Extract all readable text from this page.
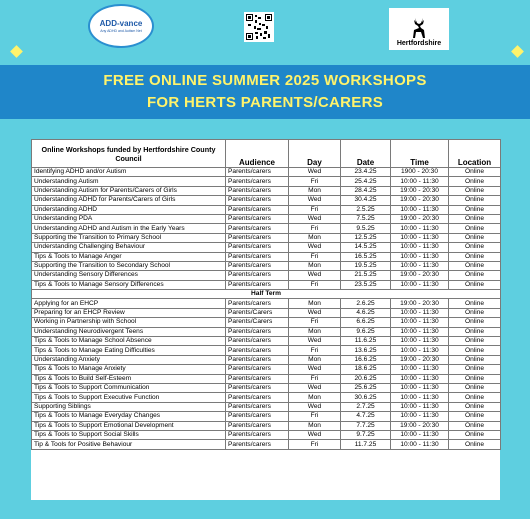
ADD-vance
Any ADHD and Autism Net
Hertfordshire
FREE ONLINE SUMMER 2025 WORKSHOPS
FOR HERTS PARENTS/CARERS
Online Workshops funded by Hertfordshire County Council	Audience	Day	Date	Time	Location
Identifying ADHD and/or Autism	Parents/carers	Wed	23.4.25	1900 - 20:30	Online
Understanding Autism	Parents/carers	Fri	25.4.25	10:00 - 11:30	Online
Understanding Autism for Parents/Carers of Girls	Parents/carers	Mon	28.4.25	19:00 - 20:30	Online
Understanding ADHD for Parents/Carers of Girls	Parents/carers	Wed	30.4.25	19:00 - 20:30	Online
Understanding ADHD	Parents/carers	Fri	2.5.25	10:00 - 11:30	Online
Understanding PDA	Parents/carers	Wed	7.5.25	19:00 - 20:30	Online
Understanding ADHD and Autism in the Early Years	Parents/carers	Fri	9.5.25	10:00 - 11:30	Online
Supporting the Transition to Primary School	Parents/carers	Mon	12.5.25	10:00 - 11:30	Online
Understanding Challenging Behaviour	Parents/carers	Wed	14.5.25	10:00 - 11:30	Online
Tips & Tools to Manage Anger	Parents/carers	Fri	16.5.25	10:00 - 11:30	Online
Supporting the Transition to Secondary School	Parents/carers	Mon	19.5.25	10:00 - 11:30	Online
Understanding Sensory Differences	Parents/carers	Wed	21.5.25	19:00 - 20:30	Online
Tips & Tools to Manage Sensory Differences	Parents/carers	Fri	23.5.25	10:00 - 11:30	Online
Half Term					
Applying for an EHCP	Parents/carers	Mon	2.6.25	19:00 - 20:30	Online
Preparing for an EHCP Review	Parents/Carers	Wed	4.6.25	10:00 - 11:30	Online
Working in Partnership with School	Parents/Carers	Fri	6.6.25	10:00 - 11:30	Online
Understanding Neurodivergent Teens	Parents/carers	Mon	9.6.25	10:00 - 11:30	Online
Tips & Tools to Manage School Absence	Parents/carers	Wed	11.6.25	10:00 - 11:30	Online
Tips & Tools to Manage Eating Difficulties	Parents/carers	Fri	13.6.25	10:00 - 11:30	Online
Understanding Anxiety	Parents/carers	Mon	16.6.25	19:00 - 20:30	Online
Tips & Tools to Manage Anxiety	Parents/carers	Wed	18.6.25	10:00 - 11:30	Online
Tips & Tools to Build Self-Esteem	Parents/carers	Fri	20.6.25	10:00 - 11:30	Online
Tips & Tools to Support Communication	Parents/carers	Wed	25.6.25	10:00 - 11:30	Online
Tips & Tools to Support Executive Function	Parents/carers	Mon	30.6.25	10:00 - 11:30	Online
Supporting Siblings	Parents/carers	Wed	2.7.25	10:00 - 11:30	Online
Tips & Tools to Manage Everyday Changes	Parents/carers	Fri	4.7.25	10:00 - 11:30	Online
Tips & Tools to Support Emotional Development	Parents/carers	Mon	7.7.25	19:00 - 20:30	Online
Tips & Tools to Support Social Skills	Parents/carers	Wed	9.7.25	10:00 - 11:30	Online
Tip & Tools for Positive Behaviour	Parents/carers	Fri	11.7.25	10:00 - 11:30	Online
